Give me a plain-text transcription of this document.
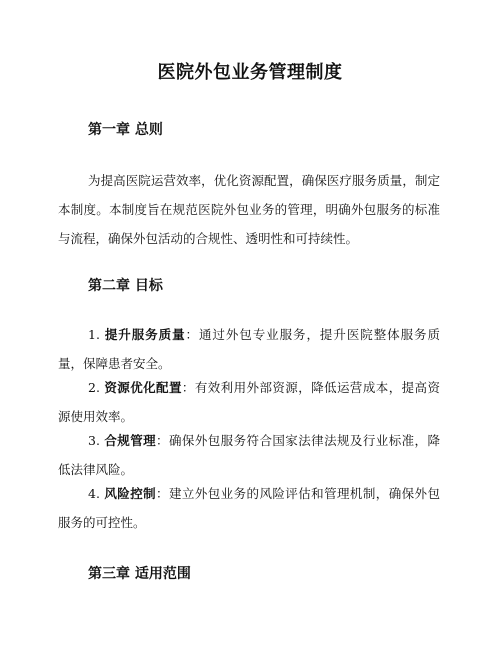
医院外包业务管理制度
第一章 总则
为提高医院运营效率，优化资源配置，确保医疗服务质量，制定本制度。本制度旨在规范医院外包业务的管理，明确外包服务的标准与流程，确保外包活动的合规性、透明性和可持续性。
第二章 目标
1. 提升服务质量：通过外包专业服务，提升医院整体服务质量，保障患者安全。
2. 资源优化配置：有效利用外部资源，降低运营成本，提高资源使用效率。
3. 合规管理：确保外包服务符合国家法律法规及行业标准，降低法律风险。
4. 风险控制：建立外包业务的风险评估和管理机制，确保外包服务的可控性。
第三章 适用范围
